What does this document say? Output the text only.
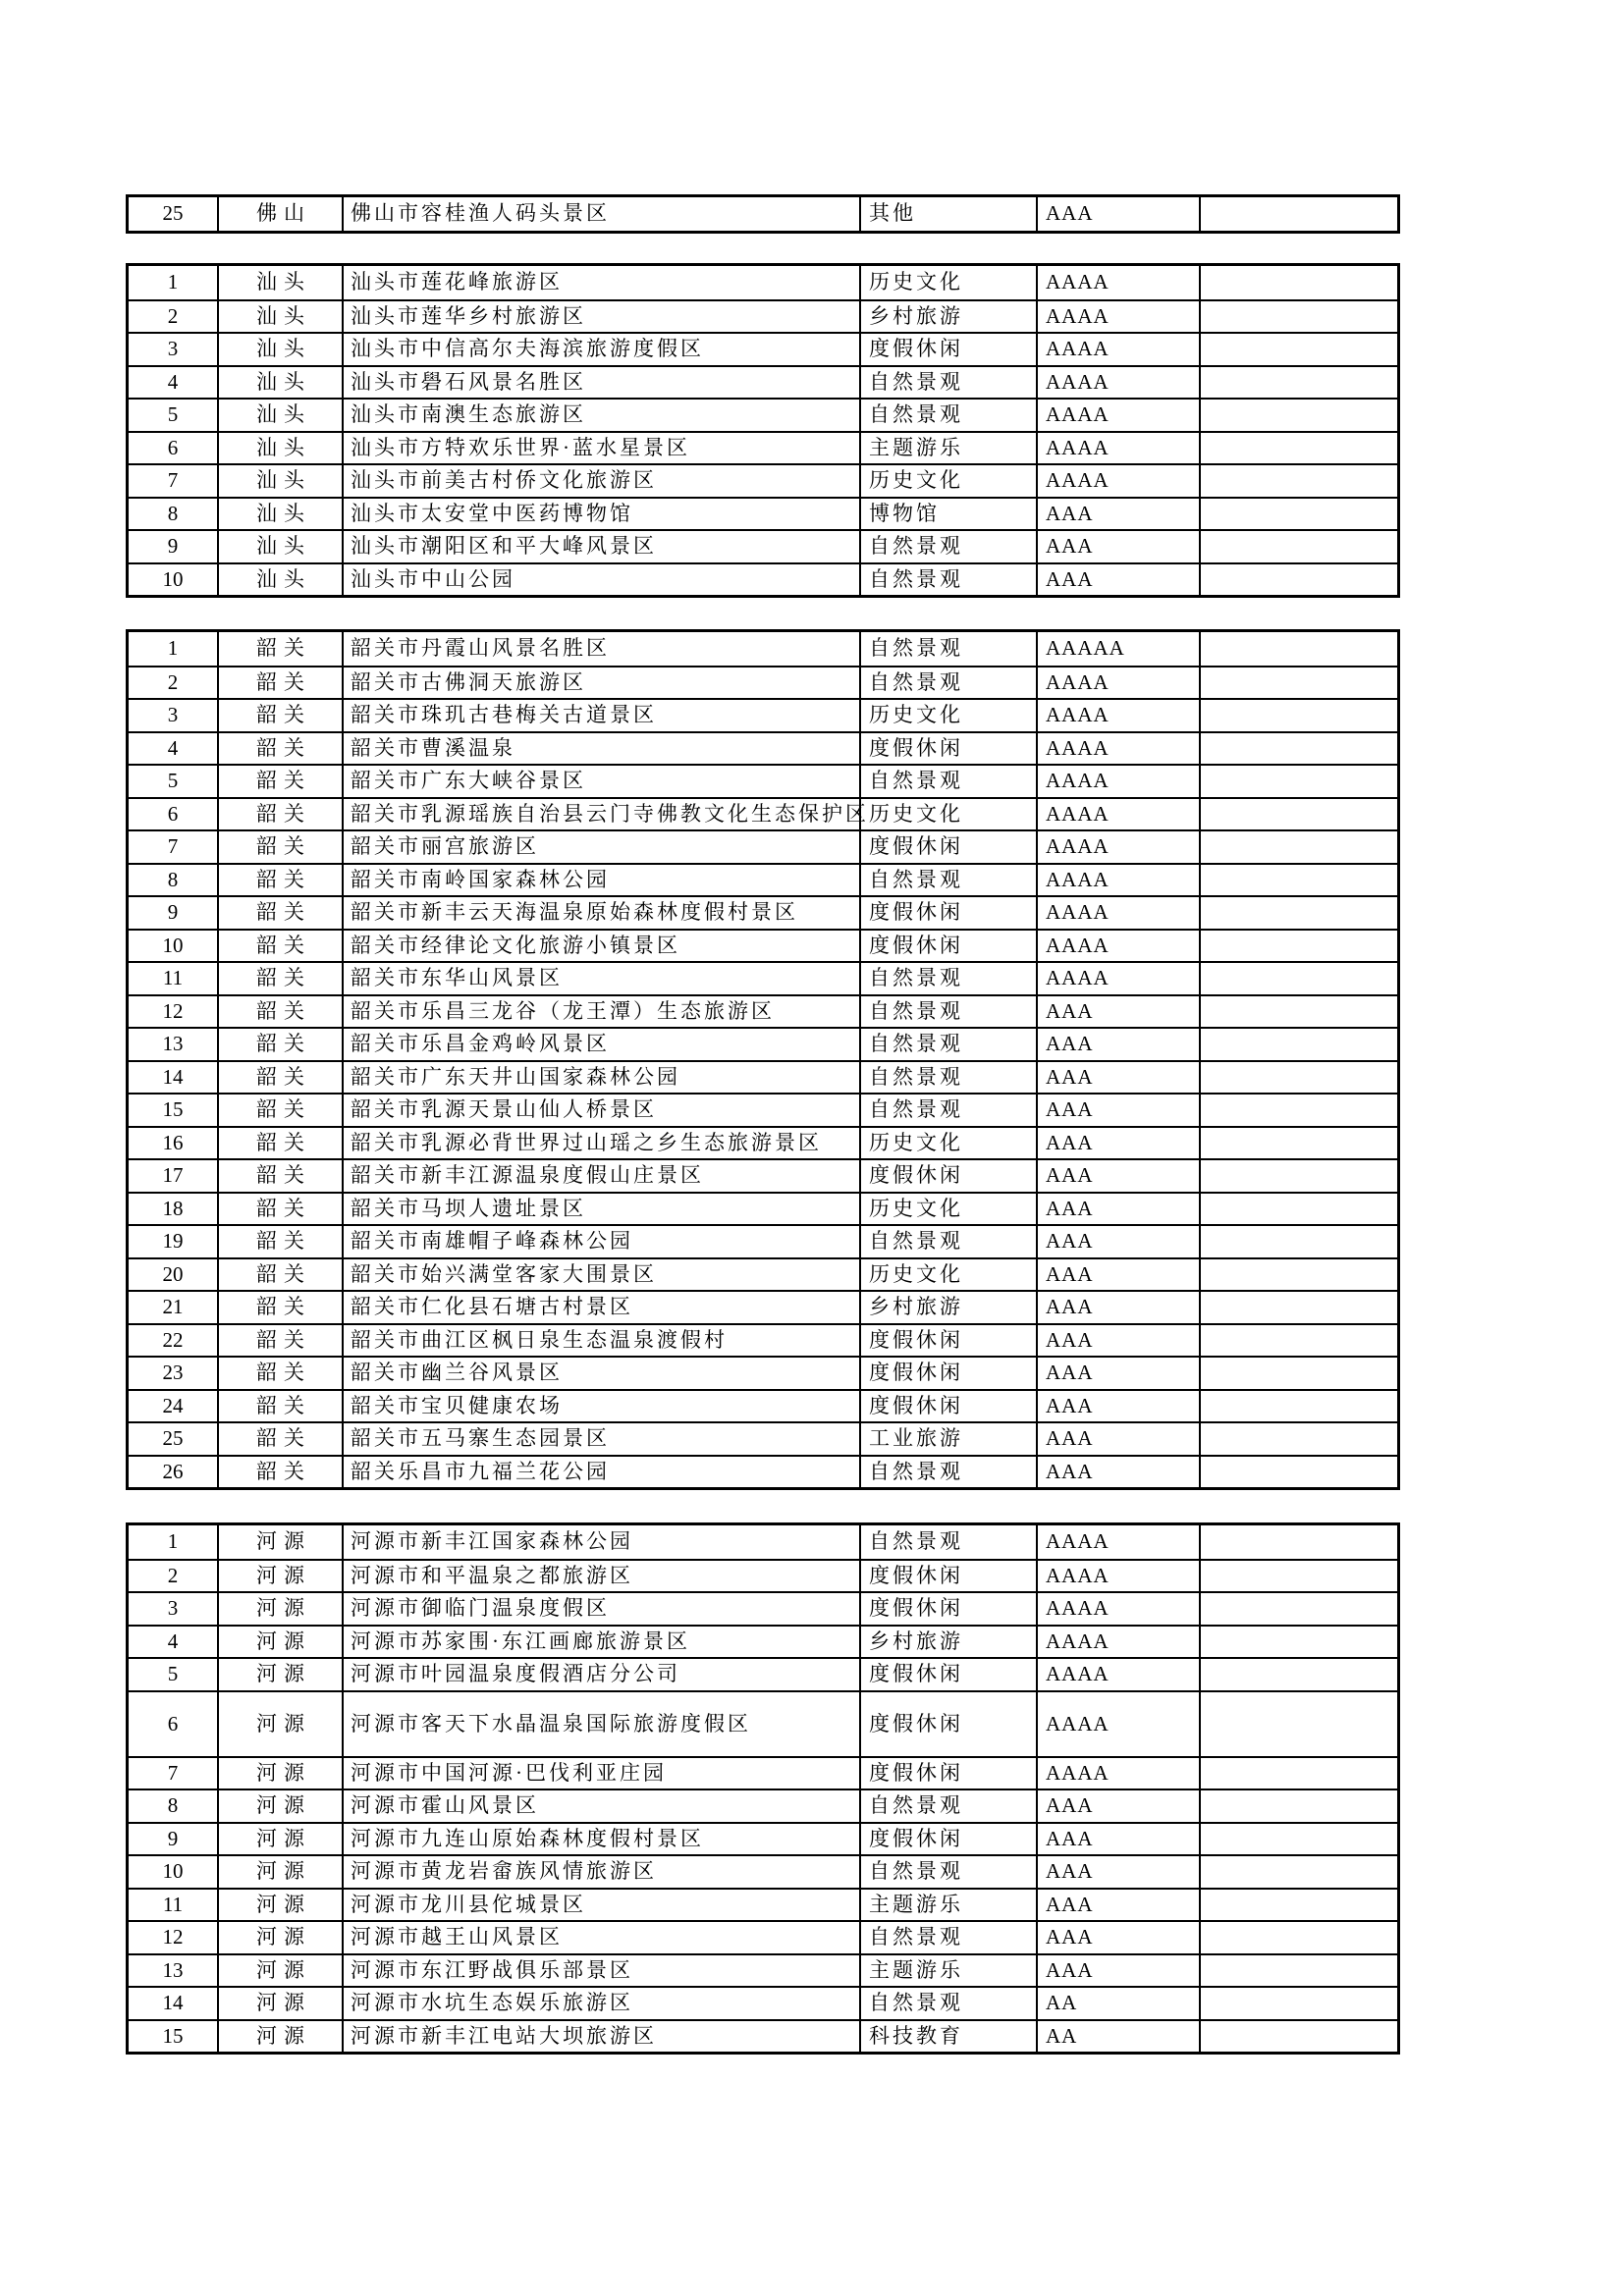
25	佛山	佛山市容桂渔人码头景区	其他	AAA
1	汕头	汕头市莲花峰旅游区	历史文化	AAAA
2	汕头	汕头市莲华乡村旅游区	乡村旅游	AAAA
3	汕头	汕头市中信高尔夫海滨旅游度假区	度假休闲	AAAA
4	汕头	汕头市礐石风景名胜区	自然景观	AAAA
5	汕头	汕头市南澳生态旅游区	自然景观	AAAA
6	汕头	汕头市方特欢乐世界·蓝水星景区	主题游乐	AAAA
7	汕头	汕头市前美古村侨文化旅游区	历史文化	AAAA
8	汕头	汕头市太安堂中医药博物馆	博物馆	AAA
9	汕头	汕头市潮阳区和平大峰风景区	自然景观	AAA
10	汕头	汕头市中山公园	自然景观	AAA
1	韶关	韶关市丹霞山风景名胜区	自然景观	AAAAA
2	韶关	韶关市古佛洞天旅游区	自然景观	AAAA
3	韶关	韶关市珠玑古巷梅关古道景区	历史文化	AAAA
4	韶关	韶关市曹溪温泉	度假休闲	AAAA
5	韶关	韶关市广东大峡谷景区	自然景观	AAAA
6	韶关	韶关市乳源瑶族自治县云门寺佛教文化生态保护区 历史文化	AAAA
7	韶关	韶关市丽宫旅游区	度假休闲	AAAA
8	韶关	韶关市南岭国家森林公园	自然景观	AAAA
9	韶关	韶关市新丰云天海温泉原始森林度假村景区	度假休闲	AAAA
10	韶关	韶关市经律论文化旅游小镇景区	度假休闲	AAAA
11	韶关	韶关市东华山风景区	自然景观	AAAA
12	韶关	韶关市乐昌三龙谷（龙王潭）生态旅游区	自然景观	AAA
13	韶关	韶关市乐昌金鸡岭风景区	自然景观	AAA
14	韶关	韶关市广东天井山国家森林公园	自然景观	AAA
15	韶关	韶关市乳源天景山仙人桥景区	自然景观	AAA
16	韶关	韶关市乳源必背世界过山瑶之乡生态旅游景区	历史文化	AAA
17	韶关	韶关市新丰江源温泉度假山庄景区	度假休闲	AAA
18	韶关	韶关市马坝人遗址景区	历史文化	AAA
19	韶关	韶关市南雄帽子峰森林公园	自然景观	AAA
20	韶关	韶关市始兴满堂客家大围景区	历史文化	AAA
21	韶关	韶关市仁化县石塘古村景区	乡村旅游	AAA
22	韶关	韶关市曲江区枫日泉生态温泉渡假村	度假休闲	AAA
23	韶关	韶关市幽兰谷风景区	度假休闲	AAA
24	韶关	韶关市宝贝健康农场	度假休闲	AAA
25	韶关	韶关市五马寨生态园景区	工业旅游	AAA
26	韶关	韶关乐昌市九福兰花公园	自然景观	AAA
1	河源	河源市新丰江国家森林公园	自然景观	AAAA
2	河源	河源市和平温泉之都旅游区	度假休闲	AAAA
3	河源	河源市御临门温泉度假区	度假休闲	AAAA
4	河源	河源市苏家围·东江画廊旅游景区	乡村旅游	AAAA
5	河源	河源市叶园温泉度假酒店分公司	度假休闲	AAAA
6	河源	河源市客天下水晶温泉国际旅游度假区	度假休闲	AAAA
7	河源	河源市中国河源·巴伐利亚庄园	度假休闲	AAAA
8	河源	河源市霍山风景区	自然景观	AAA
9	河源	河源市九连山原始森林度假村景区	度假休闲	AAA
10	河源	河源市黄龙岩畲族风情旅游区	自然景观	AAA
11	河源	河源市龙川县佗城景区	主题游乐	AAA
12	河源	河源市越王山风景区	自然景观	AAA
13	河源	河源市东江野战俱乐部景区	主题游乐	AAA
14	河源	河源市水坑生态娱乐旅游区	自然景观	AA
15	河源	河源市新丰江电站大坝旅游区	科技教育	AA
